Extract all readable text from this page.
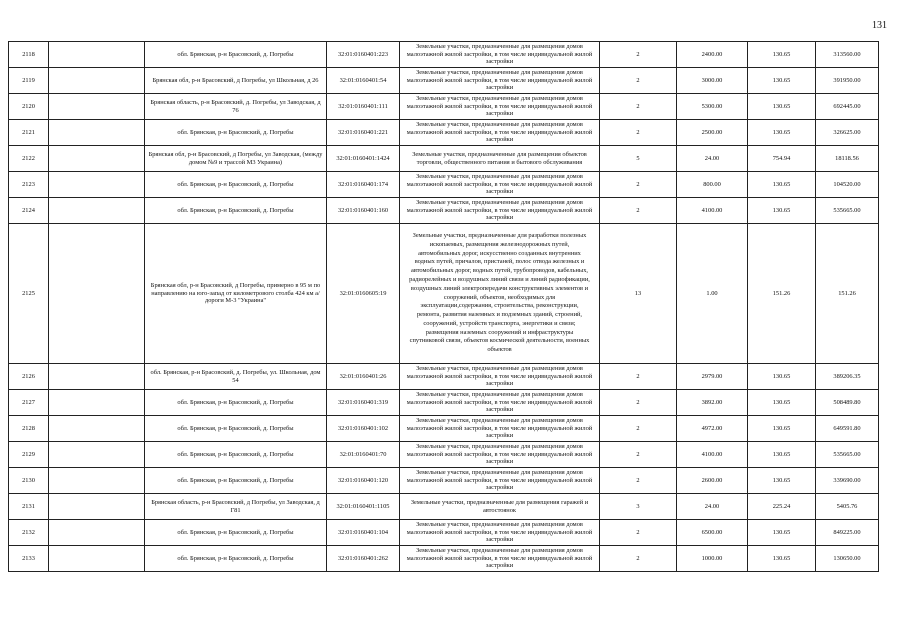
131
2118		обл. Брянская, р-н Брасовский, д. Погребы	32:01:0160401:223	Земельные участки, предназначенные для размещения домов малоэтажной жилой застройки, в том числе индивидуальной жилой застройки	2	2400.00	130.65	313560.00
2119		Брянская обл, р-н Брасовский, д Погребы, ул Школьная, д 26	32:01:0160401:54	Земельные участки, предназначенные для размещения домов малоэтажной жилой застройки, в том числе индивидуальной жилой застройки	2	3000.00	130.65	391950.00
2120		Брянская область, р-н Брасовский, д. Погребы, ул Заводская, д 76	32:01:0160401:111	Земельные участки, предназначенные для размещения домов малоэтажной жилой застройки, в том числе индивидуальной жилой застройки	2	5300.00	130.65	692445.00
2121		обл. Брянская, р-н Брасовский, д. Погребы	32:01:0160401:221	Земельные участки, предназначенные для размещения домов малоэтажной жилой застройки, в том числе индивидуальной жилой застройки	2	2500.00	130.65	326625.00
2122		Брянская обл, р-н Брасовский, д Погребы, ул Заводская, (между домом №9 и трассой М3 Украина)	32:01:0160401:1424	Земельные участки, предназначенные для размещения объектов торговли, общественного питания и бытового обслуживания	5	24.00	754.94	18118.56
2123		обл. Брянская, р-н Брасовский, д. Погребы	32:01:0160401:174	Земельные участки, предназначенные для размещения домов малоэтажной жилой застройки, в том числе индивидуальной жилой застройки	2	800.00	130.65	104520.00
2124		обл. Брянская, р-н Брасовский, д. Погребы	32:01:0160401:160	Земельные участки, предназначенные для размещения домов малоэтажной жилой застройки, в том числе индивидуальной жилой застройки	2	4100.00	130.65	535665.00
2125		Брянская обл, р-н Брасовский, д Погребы, примерно в 95 м по направлению на юго-запад от километрового столба 424 км а/дороги М-3 "Украина"	32:01:0160605:19	Земельные участки, предназначенные для разработки полезных ископаемых, размещения железнодорожных путей, автомобильных дорог, искусственно созданных внутренних водных путей, причалов, пристаней, полос отвода железных и автомобильных дорог, водных путей, трубопроводов, кабельных, радиорелейных и воздушных линий связи и линий радиофикации, воздушных линий электропередачи конструктивных элементов и сооружений, объектов, необходимых для эксплуатации,содержания, строительства, реконструкции, ремонта, развития наземных и подземных зданий, строений, сооружений, устройств транспорта, энергетики и связи; размещения наземных сооружений и инфраструктуры спутниковой связи, объектов космической деятельности, военных объектов	13	1.00	151.26	151.26
2126		обл. Брянская, р-н Брасовский, д. Погребы, ул. Школьная, дом 54	32:01:0160401:26	Земельные участки, предназначенные для размещения домов малоэтажной жилой застройки, в том числе индивидуальной жилой застройки	2	2979.00	130.65	389206.35
2127		обл. Брянская, р-н Брасовский, д. Погребы	32:01:0160401:319	Земельные участки, предназначенные для размещения домов малоэтажной жилой застройки, в том числе индивидуальной жилой застройки	2	3892.00	130.65	508489.80
2128		обл. Брянская, р-н Брасовский, д. Погребы	32:01:0160401:102	Земельные участки, предназначенные для размещения домов малоэтажной жилой застройки, в том числе индивидуальной жилой застройки	2	4972.00	130.65	649591.80
2129		обл. Брянская, р-н Брасовский, д. Погребы	32:01:0160401:70	Земельные участки, предназначенные для размещения домов малоэтажной жилой застройки, в том числе индивидуальной жилой застройки	2	4100.00	130.65	535665.00
2130		обл. Брянская, р-н Брасовский, д. Погребы	32:01:0160401:120	Земельные участки, предназначенные для размещения домов малоэтажной жилой застройки, в том числе индивидуальной жилой застройки	2	2600.00	130.65	339690.00
2131		Брянская область, р-н Брасовский, д Погребы, ул Заводская, д Г81	32:01:0160401:1105	Земельные участки, предназначенные для размещения гаражей и автостоянок	3	24.00	225.24	5405.76
2132		обл. Брянская, р-н Брасовский, д. Погребы	32:01:0160401:104	Земельные участки, предназначенные для размещения домов малоэтажной жилой застройки, в том числе индивидуальной жилой застройки	2	6500.00	130.65	849225.00
2133		обл. Брянская, р-н Брасовский, д. Погребы	32:01:0160401:262	Земельные участки, предназначенные для размещения домов малоэтажной жилой застройки, в том числе индивидуальной жилой застройки	2	1000.00	130.65	130650.00
